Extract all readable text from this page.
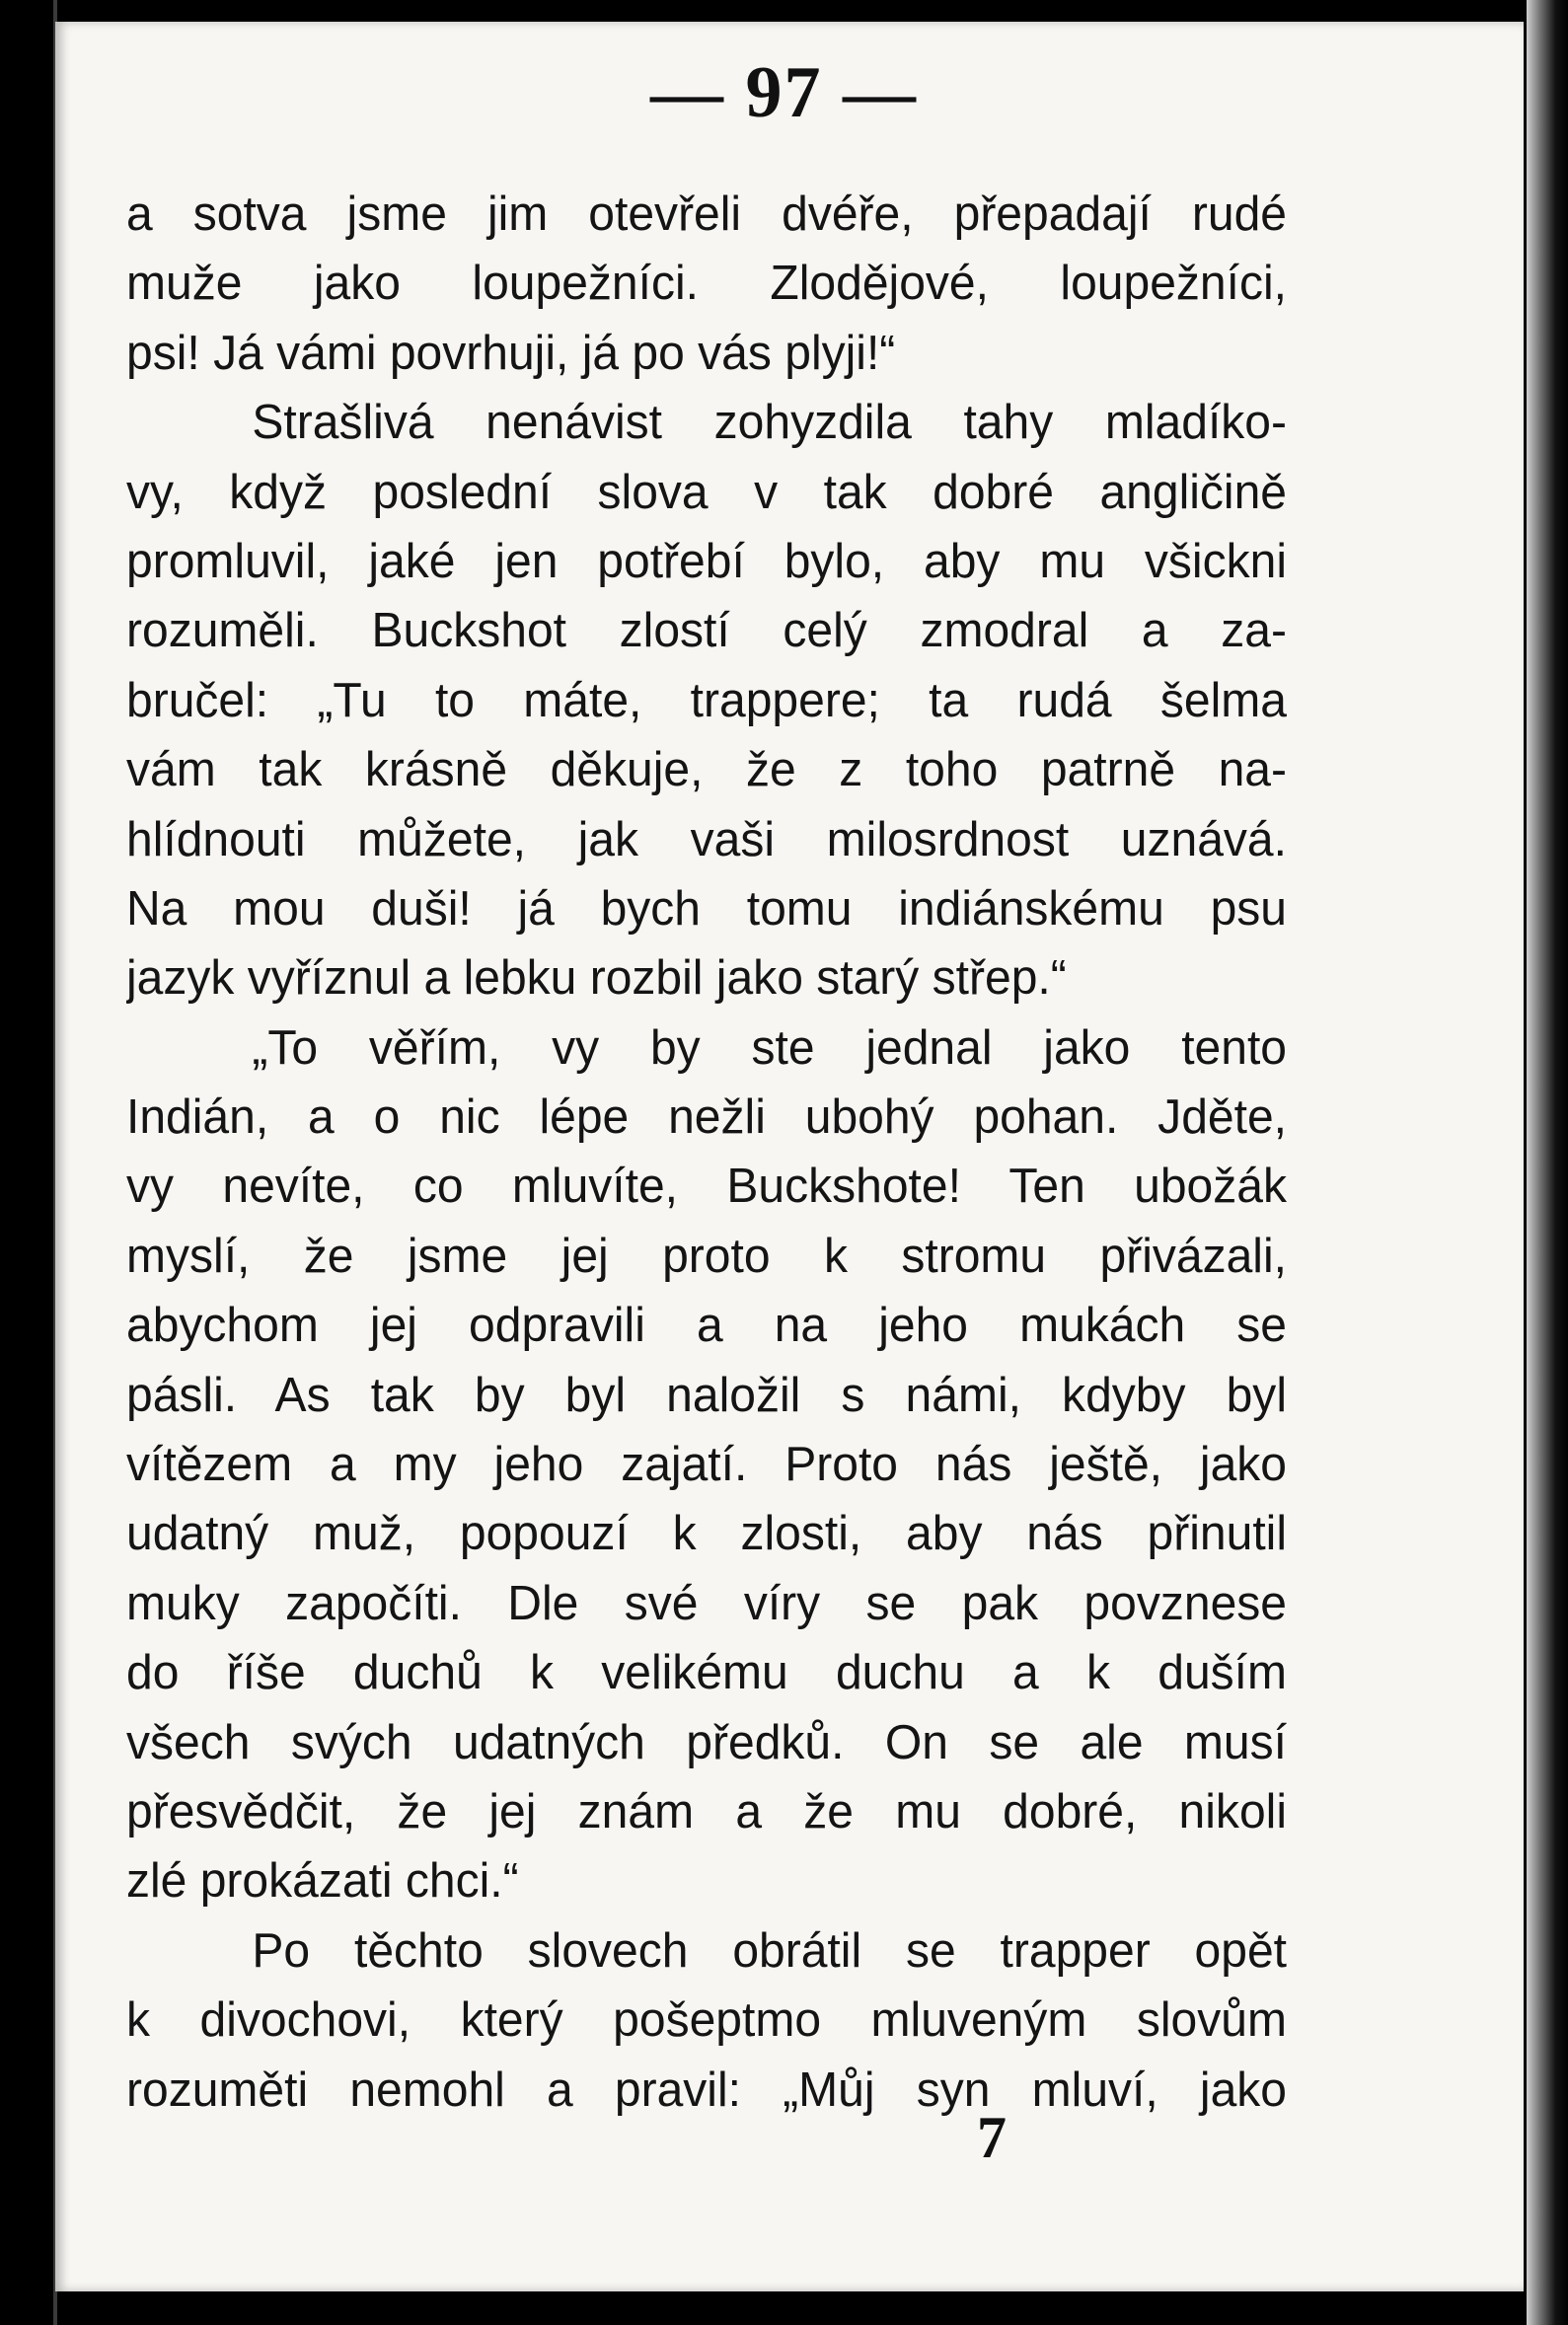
— 97 —
a sotva jsme jim otevřeli dvéře, přepadají rudé
muže jako loupežníci. Zlodějové, loupežníci,
psi! Já vámi povrhuji, já po vás plyji!“
Strašlivá nenávist zohyzdila tahy mladíko-
vy, když poslední slova v tak dobré angličině
promluvil, jaké jen potřebí bylo, aby mu všickni
rozuměli. Buckshot zlostí celý zmodral a za-
bručel: „Tu to máte, trappere; ta rudá šelma
vám tak krásně děkuje, že z toho patrně na-
hlídnouti můžete, jak vaši milosrdnost uznává.
Na mou duši! já bych tomu indiánskému psu
jazyk vyříznul a lebku rozbil jako starý střep.“
„To věřím, vy by ste jednal jako tento
Indián, a o nic lépe nežli ubohý pohan. Jděte,
vy nevíte, co mluvíte, Buckshote! Ten ubožák
myslí, že jsme jej proto k stromu přivázali,
abychom jej odpravili a na jeho mukách se
pásli. As tak by byl naložil s námi, kdyby byl
vítězem a my jeho zajatí. Proto nás ještě, jako
udatný muž, popouzí k zlosti, aby nás přinutil
muky započíti. Dle své víry se pak povznese
do říše duchů k velikému duchu a k duším
všech svých udatných předků. On se ale musí
přesvědčit, že jej znám a že mu dobré, nikoli
zlé prokázati chci.“
Po těchto slovech obrátil se trapper opět
k divochovi, který pošeptmo mluveným slovům
rozuměti nemohl a pravil: „Můj syn mluví, jako
7
